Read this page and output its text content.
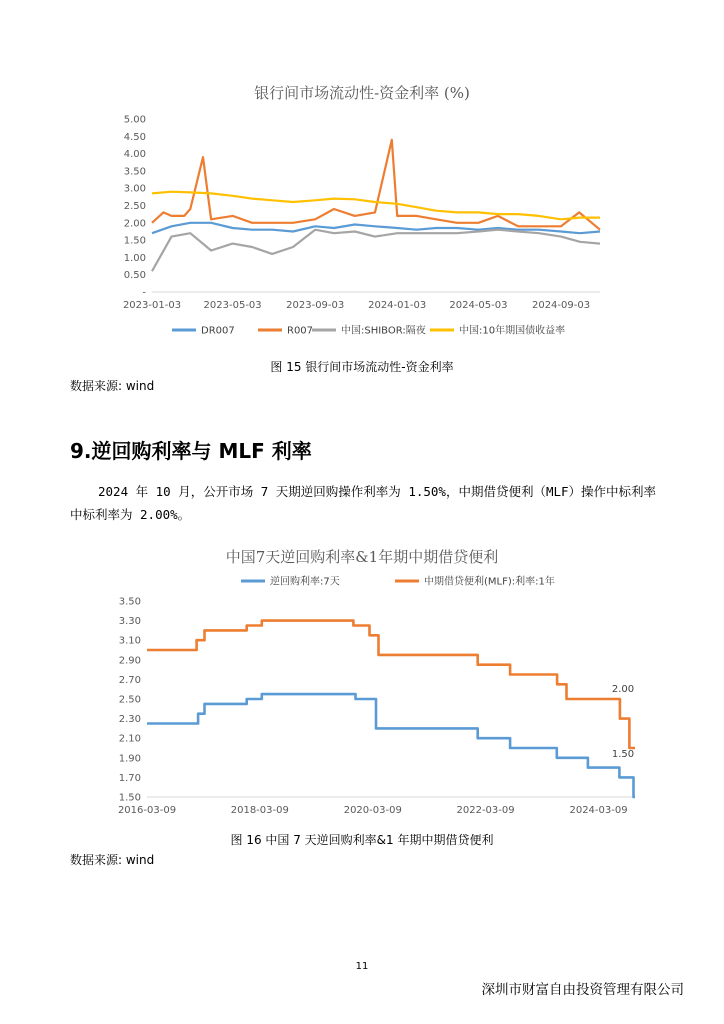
银行间市场流动性-资金利率 (%)
-
0.50
1.00
1.50
2.00
2.50
3.00
3.50
4.00
4.50
5.00
2023-01-03 2023-05-03 2023-09-03 2024-01-03 2024-05-03 2024-09-03
DR007	R007	中国:SHIBOR:隔夜	中国:10年期国债收益率
图 15 银行间市场流动性-资金利率
数据来源: wind
9.逆回购利率与 MLF 利率
2024 年 10 月，公开市场 7 天期逆回购操作利率为 1.50%，中期借贷便利（MLF）操作中标利率中标利率为 2.00%。
中国7天逆回购利率&1年期中期借贷便利
逆回购利率:7天	中期借贷便利(MLF):利率:1年
1.50
1.70
1.90
2.10
2.30
2.50
2.70
2.90
3.10
3.30
3.50
2016-03-09	2018-03-09	2020-03-09	2022-03-09	2024-03-09
2.00
1.50
图 16 中国 7 天逆回购利率&1 年期中期借贷便利
数据来源: wind
11
深圳市财富自由投资管理有限公司
